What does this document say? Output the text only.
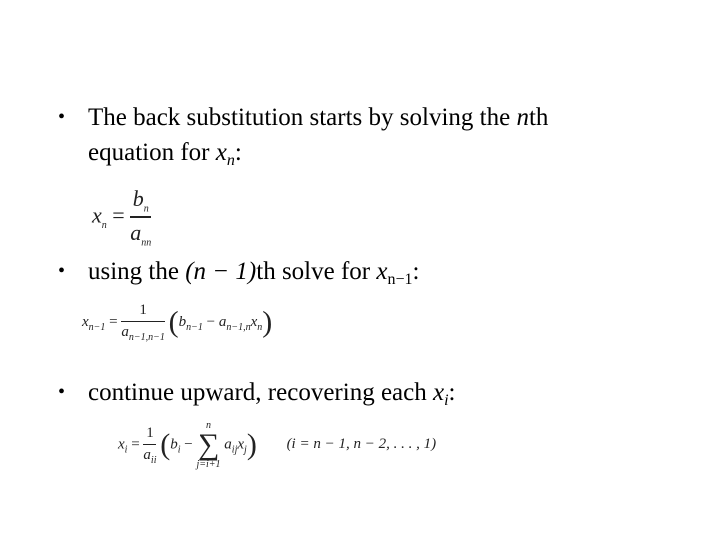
• The back substitution starts by solving the nth
equation for $x_n$:
$x_n = \frac{b_n}{a_{nn}}$
• using the (n − 1)th solve for $x_{n-1}$:
$x_{n-1} = \frac{1}{a_{n-1,n-1}} (b_{n-1} - a_{n-1,n}x_n)$
• continue upward, recovering each $x_i$:
$x_i = \frac{1}{a_{ii}} (b_i$ −
n
∑
j=i+1
$a_{ij}x_j$) (i = n − 1, n − 2, . . . , 1)
